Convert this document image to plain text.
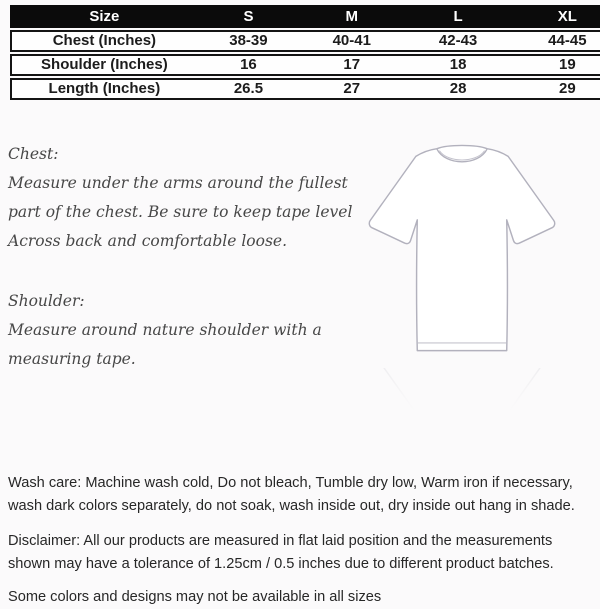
Size	S	M	L	XL
Chest (Inches)	38-39	40-41	42-43	44-45
Shoulder (Inches)	16	17	18	19
Length (Inches)	26.5	27	28	29
Chest:
Measure under the arms around the fullest
part of the chest. Be sure to keep tape level
Across back and comfortable loose.
Shoulder:
Measure around nature shoulder with a
measuring tape.
Wash care: Machine wash cold, Do not bleach, Tumble dry low, Warm iron if necessary, wash dark colors separately, do not soak, wash inside out, dry inside out hang in shade.
Disclaimer: All our products are measured in flat laid position and the measurements shown may have a tolerance of 1.25cm / 0.5 inches due to different product batches.
Some colors and designs may not be available in all sizes
